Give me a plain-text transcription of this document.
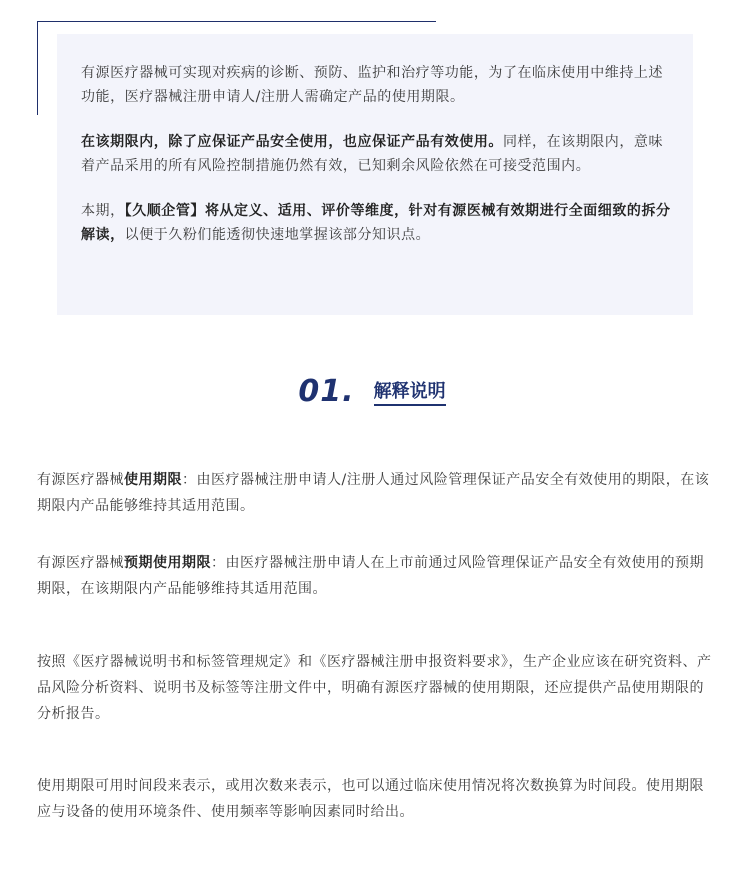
有源医疗器械可实现对疾病的诊断、预防、监护和治疗等功能，为了在临床使用中维持上述功能，医疗器械注册申请人/注册人需确定产品的使用期限。

在该期限内，除了应保证产品安全使用，也应保证产品有效使用。同样，在该期限内，意味着产品采用的所有风险控制措施仍然有效，已知剩余风险依然在可接受范围内。

本期，【久顺企管】将从定义、适用、评价等维度，针对有源医械有效期进行全面细致的拆分解读，以便于久粉们能透彻快速地掌握该部分知识点。

01. 解释说明

有源医疗器械使用期限：由医疗器械注册申请人/注册人通过风险管理保证产品安全有效使用的期限，在该期限内产品能够维持其适用范围。

有源医疗器械预期使用期限：由医疗器械注册申请人在上市前通过风险管理保证产品安全有效使用的预期期限，在该期限内产品能够维持其适用范围。

按照《医疗器械说明书和标签管理规定》和《医疗器械注册申报资料要求》，生产企业应该在研究资料、产品风险分析资料、说明书及标签等注册文件中，明确有源医疗器械的使用期限，还应提供产品使用期限的分析报告。

使用期限可用时间段来表示，或用次数来表示，也可以通过临床使用情况将次数换算为时间段。使用期限应与设备的使用环境条件、使用频率等影响因素同时给出。
